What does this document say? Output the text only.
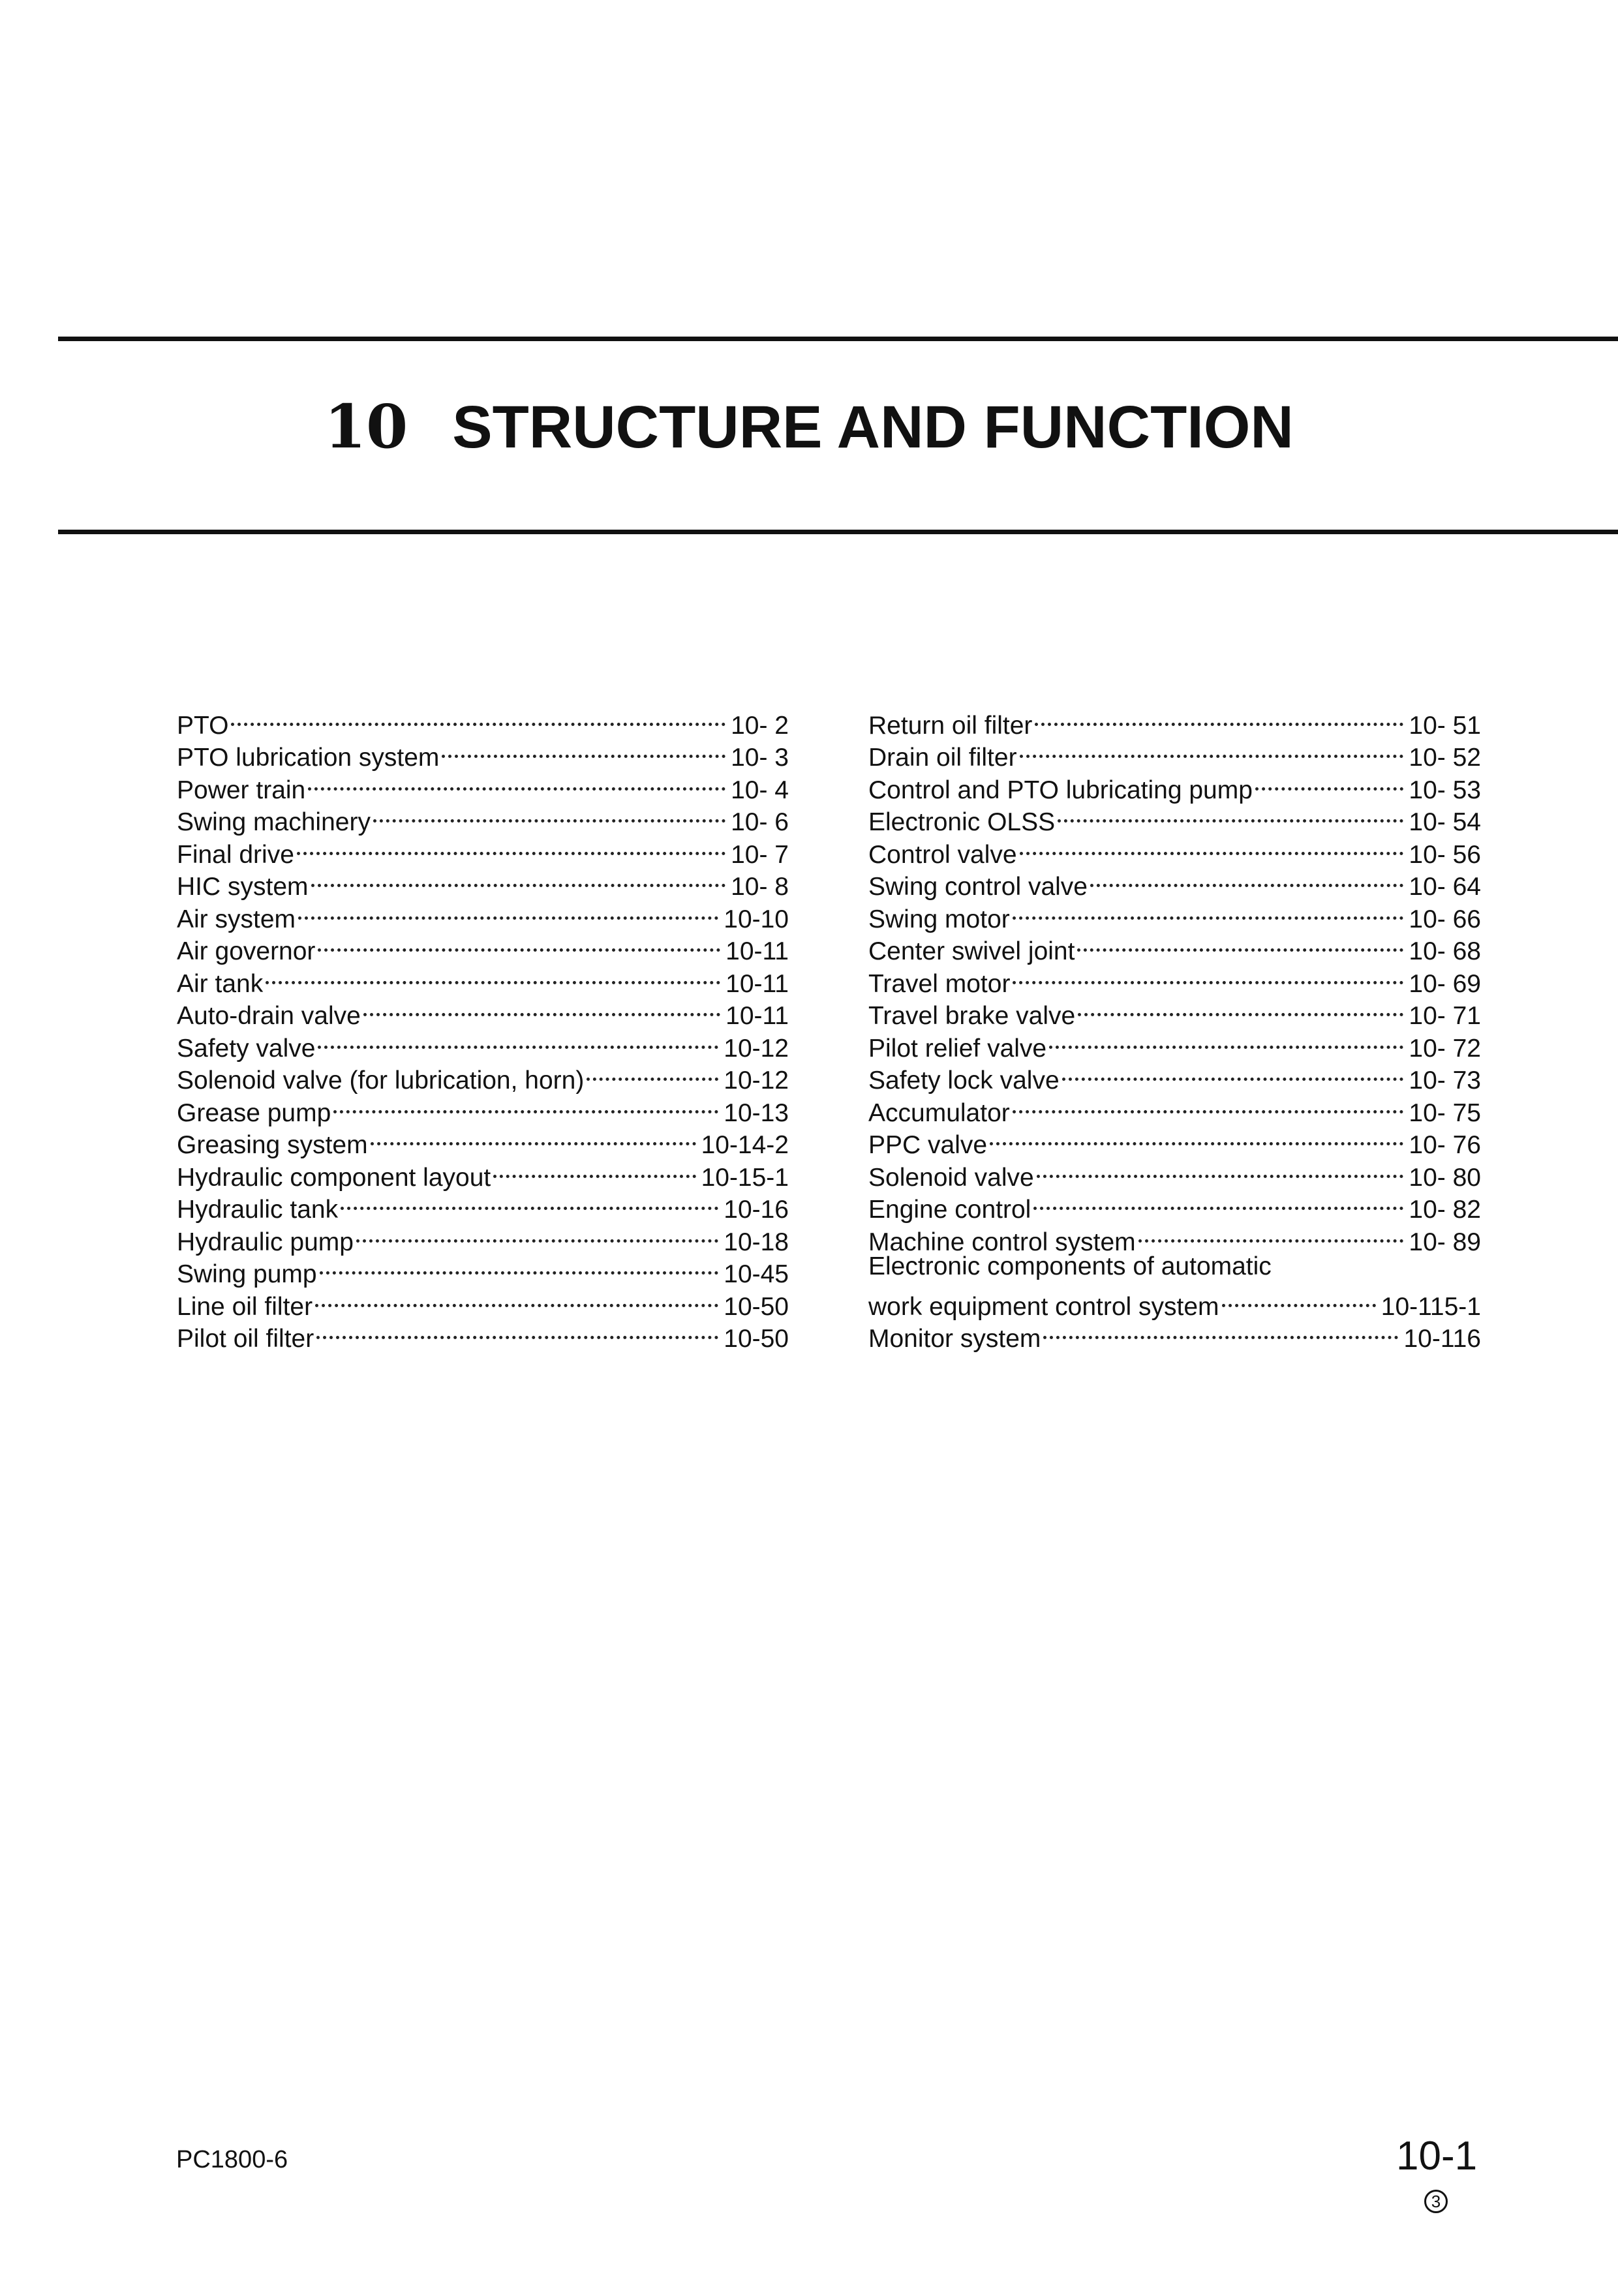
10 STRUCTURE AND FUNCTION
PTO	10- 2
PTO lubrication system	10- 3
Power train	10- 4
Swing machinery	10- 6
Final drive	10- 7
HIC system	10- 8
Air system	10-10
Air governor	10-11
Air tank	10-11
Auto-drain valve	10-11
Safety valve	10-12
Solenoid valve (for lubrication, horn)	10-12
Grease pump	10-13
Greasing system	10-14-2
Hydraulic component layout	10-15-1
Hydraulic tank	10-16
Hydraulic pump	10-18
Swing pump	10-45
Line oil filter	10-50
Pilot oil filter	10-50
Return oil filter	10- 51
Drain oil filter	10- 52
Control and PTO lubricating pump	10- 53
Electronic OLSS	10- 54
Control valve	10- 56
Swing control valve	10- 64
Swing motor	10- 66
Center swivel joint	10- 68
Travel motor	10- 69
Travel brake valve	10- 71
Pilot relief valve	10- 72
Safety lock valve	10- 73
Accumulator	10- 75
PPC valve	10- 76
Solenoid valve	10- 80
Engine control	10- 82
Machine control system	10- 89
Electronic components of automatic
work equipment control system	10-115-1
Monitor system	10-116
PC1800-6	10-1
3
